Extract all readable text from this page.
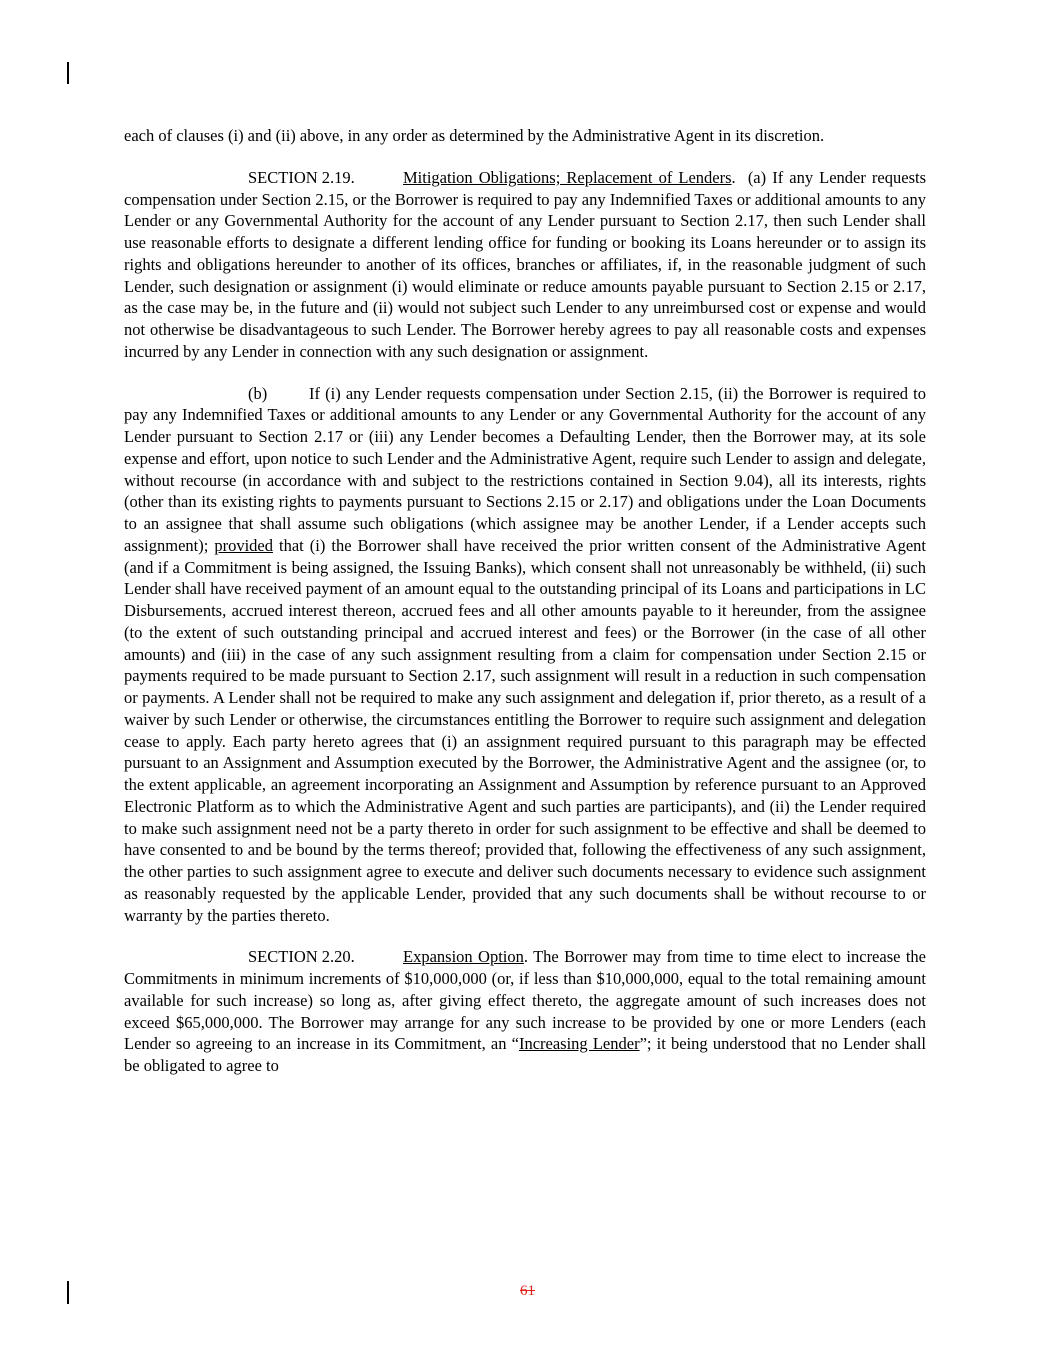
each of clauses (i) and (ii) above, in any order as determined by the Administrative Agent in its discretion.

SECTION 2.19.	Mitigation Obligations; Replacement of Lenders. (a) If any Lender requests compensation under Section 2.15, or the Borrower is required to pay any Indemnified Taxes or additional amounts to any Lender or any Governmental Authority for the account of any Lender pursuant to Section 2.17, then such Lender shall use reasonable efforts to designate a different lending office for funding or booking its Loans hereunder or to assign its rights and obligations hereunder to another of its offices, branches or affiliates, if, in the reasonable judgment of such Lender, such designation or assignment (i) would eliminate or reduce amounts payable pursuant to Section 2.15 or 2.17, as the case may be, in the future and (ii) would not subject such Lender to any unreimbursed cost or expense and would not otherwise be disadvantageous to such Lender. The Borrower hereby agrees to pay all reasonable costs and expenses incurred by any Lender in connection with any such designation or assignment.

(b)	If (i) any Lender requests compensation under Section 2.15, (ii) the Borrower is required to pay any Indemnified Taxes or additional amounts to any Lender or any Governmental Authority for the account of any Lender pursuant to Section 2.17 or (iii) any Lender becomes a Defaulting Lender, then the Borrower may, at its sole expense and effort, upon notice to such Lender and the Administrative Agent, require such Lender to assign and delegate, without recourse (in accordance with and subject to the restrictions contained in Section 9.04), all its interests, rights (other than its existing rights to payments pursuant to Sections 2.15 or 2.17) and obligations under the Loan Documents to an assignee that shall assume such obligations (which assignee may be another Lender, if a Lender accepts such assignment); provided that (i) the Borrower shall have received the prior written consent of the Administrative Agent (and if a Commitment is being assigned, the Issuing Banks), which consent shall not unreasonably be withheld, (ii) such Lender shall have received payment of an amount equal to the outstanding principal of its Loans and participations in LC Disbursements, accrued interest thereon, accrued fees and all other amounts payable to it hereunder, from the assignee (to the extent of such outstanding principal and accrued interest and fees) or the Borrower (in the case of all other amounts) and (iii) in the case of any such assignment resulting from a claim for compensation under Section 2.15 or payments required to be made pursuant to Section 2.17, such assignment will result in a reduction in such compensation or payments. A Lender shall not be required to make any such assignment and delegation if, prior thereto, as a result of a waiver by such Lender or otherwise, the circumstances entitling the Borrower to require such assignment and delegation cease to apply. Each party hereto agrees that (i) an assignment required pursuant to this paragraph may be effected pursuant to an Assignment and Assumption executed by the Borrower, the Administrative Agent and the assignee (or, to the extent applicable, an agreement incorporating an Assignment and Assumption by reference pursuant to an Approved Electronic Platform as to which the Administrative Agent and such parties are participants), and (ii) the Lender required to make such assignment need not be a party thereto in order for such assignment to be effective and shall be deemed to have consented to and be bound by the terms thereof; provided that, following the effectiveness of any such assignment, the other parties to such assignment agree to execute and deliver such documents necessary to evidence such assignment as reasonably requested by the applicable Lender, provided that any such documents shall be without recourse to or warranty by the parties thereto.

SECTION 2.20.	Expansion Option. The Borrower may from time to time elect to increase the Commitments in minimum increments of $10,000,000 (or, if less than $10,000,000, equal to the total remaining amount available for such increase) so long as, after giving effect thereto, the aggregate amount of such increases does not exceed $65,000,000. The Borrower may arrange for any such increase to be provided by one or more Lenders (each Lender so agreeing to an increase in its Commitment, an “Increasing Lender”; it being understood that no Lender shall be obligated to agree to

61
